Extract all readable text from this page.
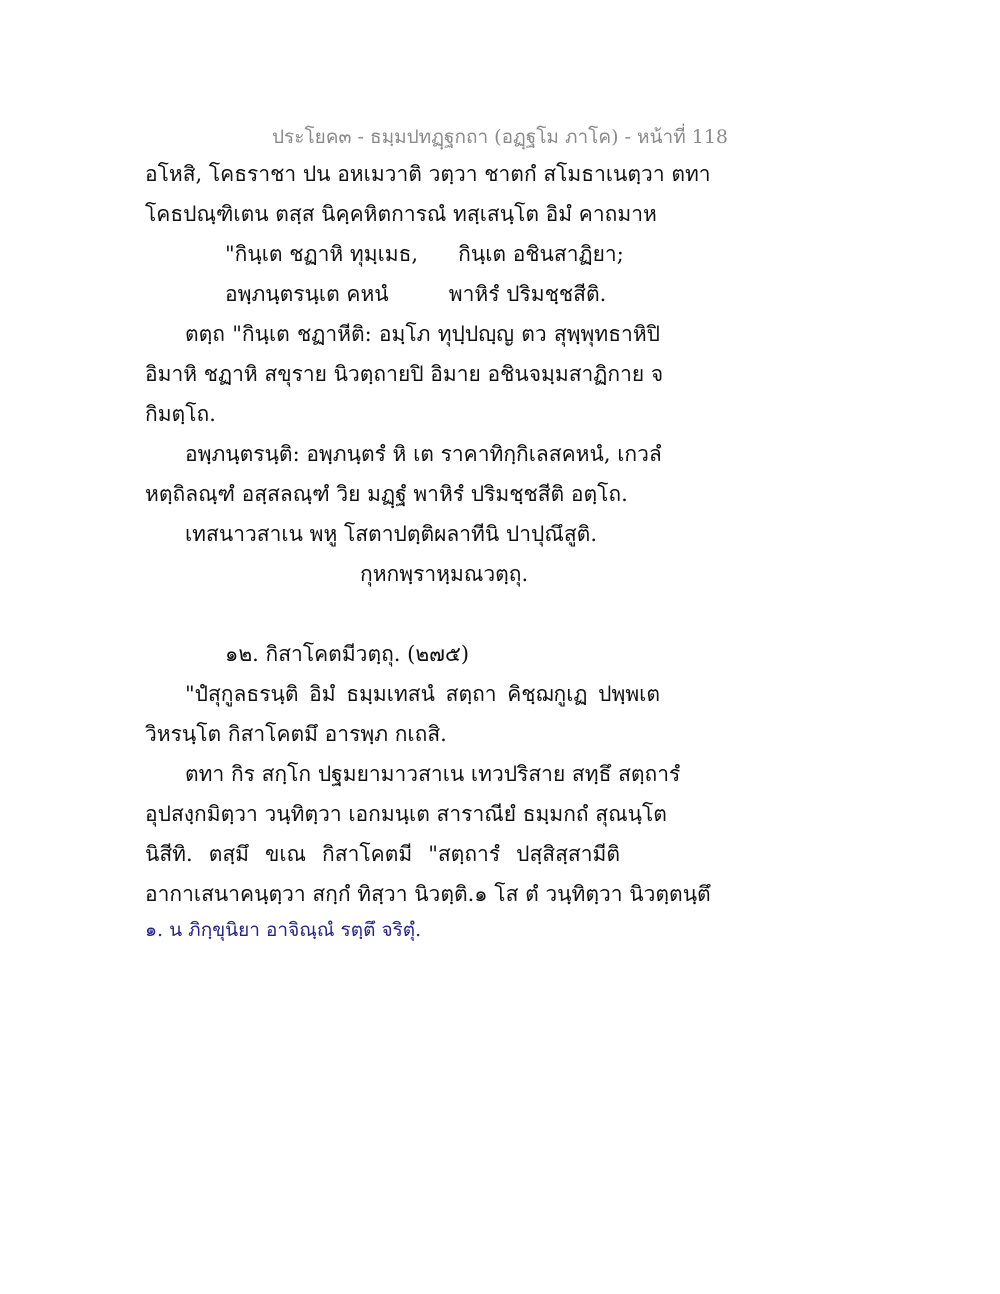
ประโยค๓ - ธมฺมปทฏฺฐกถา (อฏฺฐโม ภาโค) - หน้าที่ 118
อโหสิ, โคธราชา ปน อหเมวาติ วตฺวา ชาตกํ สโมธาเนตฺวา ตทา
โคธปณฺฑิเตน ตสฺส นิคฺคหิตการณํ ทสฺเสนฺโต อิมํ คาถมาห
"กินฺเต ชฏาหิ ทุมฺเมธ,      กินฺเต อชินสาฏิยา;
อพฺภนฺตรนฺเต คหนํ         พาหิรํ ปริมชฺชสีติ.
ตตฺถ "กินฺเต ชฏาหีติ: อมฺโภ ทุปฺปญฺญ ตว สุพฺพุทธาหิปิ
อิมาหิ ชฏาหิ สขุราย นิวตฺถายปิ อิมาย อชินจมฺมสาฏิกาย จ
กิมตฺโถ.
อพฺภนฺตรนฺติ: อพฺภนฺตรํ หิ เต ราคาทิกฺกิเลสคหนํ, เกวลํ
หตฺถิลณฺฑํ อสฺสลณฺฑํ วิย มฏฺฐํ พาหิรํ ปริมชฺชสีติ อตฺโถ.
เทสนาวสาเน พหู โสตาปตฺติผลาทีนิ ปาปุณึสูติ.
กุหกพฺราหฺมณวตฺถุ.
๑๒. กิสาโคตมีวตฺถุ. (๒๗๕)
"ปํสุกูลธรนฺติ อิมํ ธมฺมเทสนํ สตฺถา คิชฺฌกูเฏ ปพฺพเต
วิหรนฺโต กิสาโคตมึ อารพฺภ กเถสิ.
ตทา กิร สกฺโก ปฐมยามาวสาเน เทวปริสาย สทฺธึ สตฺถารํ
อุปสงฺกมิตฺวา วนฺทิตฺวา เอกมนฺเต สาราณียํ ธมฺมกถํ สุณนฺโต
นิสีทิ. ตสฺมึ ขเณ กิสาโคตมี "สตฺถารํ ปสฺสิสฺสามีติ
อากาเสนาคนฺตฺวา สกฺกํ ทิสฺวา นิวตฺติ.๑ โส ตํ วนฺทิตฺวา นิวตฺตนฺตึ
๑. น ภิกฺขุนิยา อาจิณฺณํ รตฺตึ จริตุํ.
